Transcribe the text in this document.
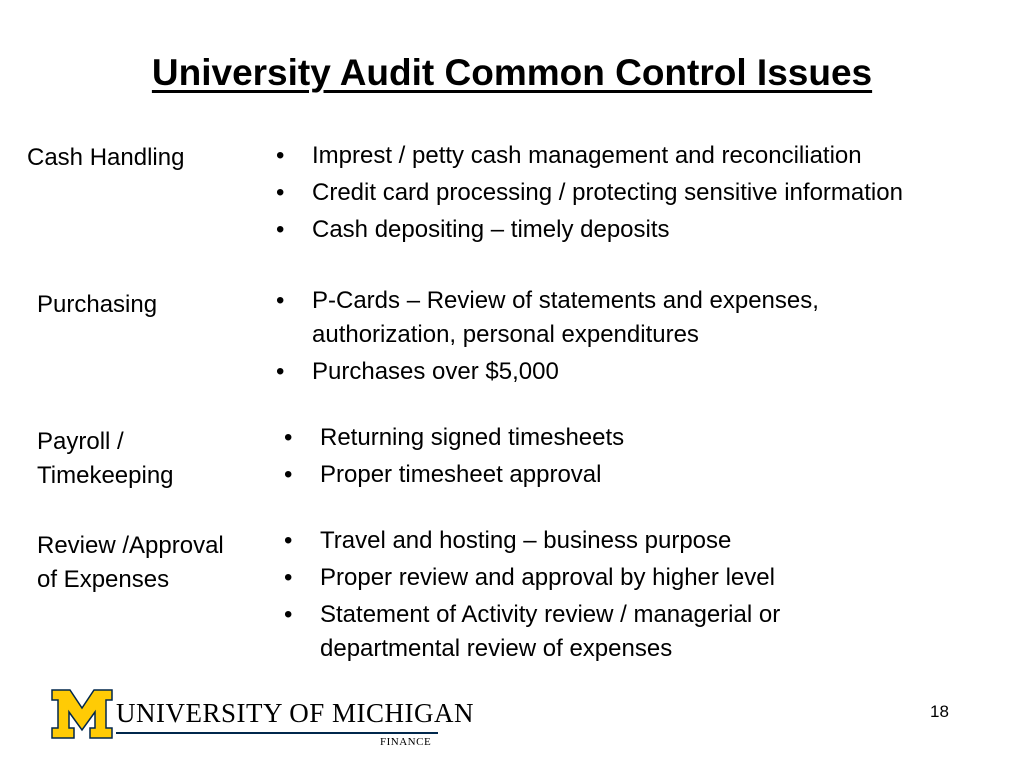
University Audit Common Control Issues
Cash Handling	• Imprest / petty cash management and reconciliation
• Credit card processing / protecting sensitive information
• Cash depositing – timely deposits
Purchasing	• P-Cards – Review of statements and expenses,
authorization, personal expenditures
• Purchases over $5,000
Payroll /
Timekeeping
• Returning signed timesheets
• Proper timesheet approval
Review /Approval
of Expenses
• Travel and hosting – business purpose
• Proper review and approval by higher level
• Statement of Activity review / managerial or
departmental review of expenses
UNIVERSITY OF MICHIGAN
FINANCE
18
